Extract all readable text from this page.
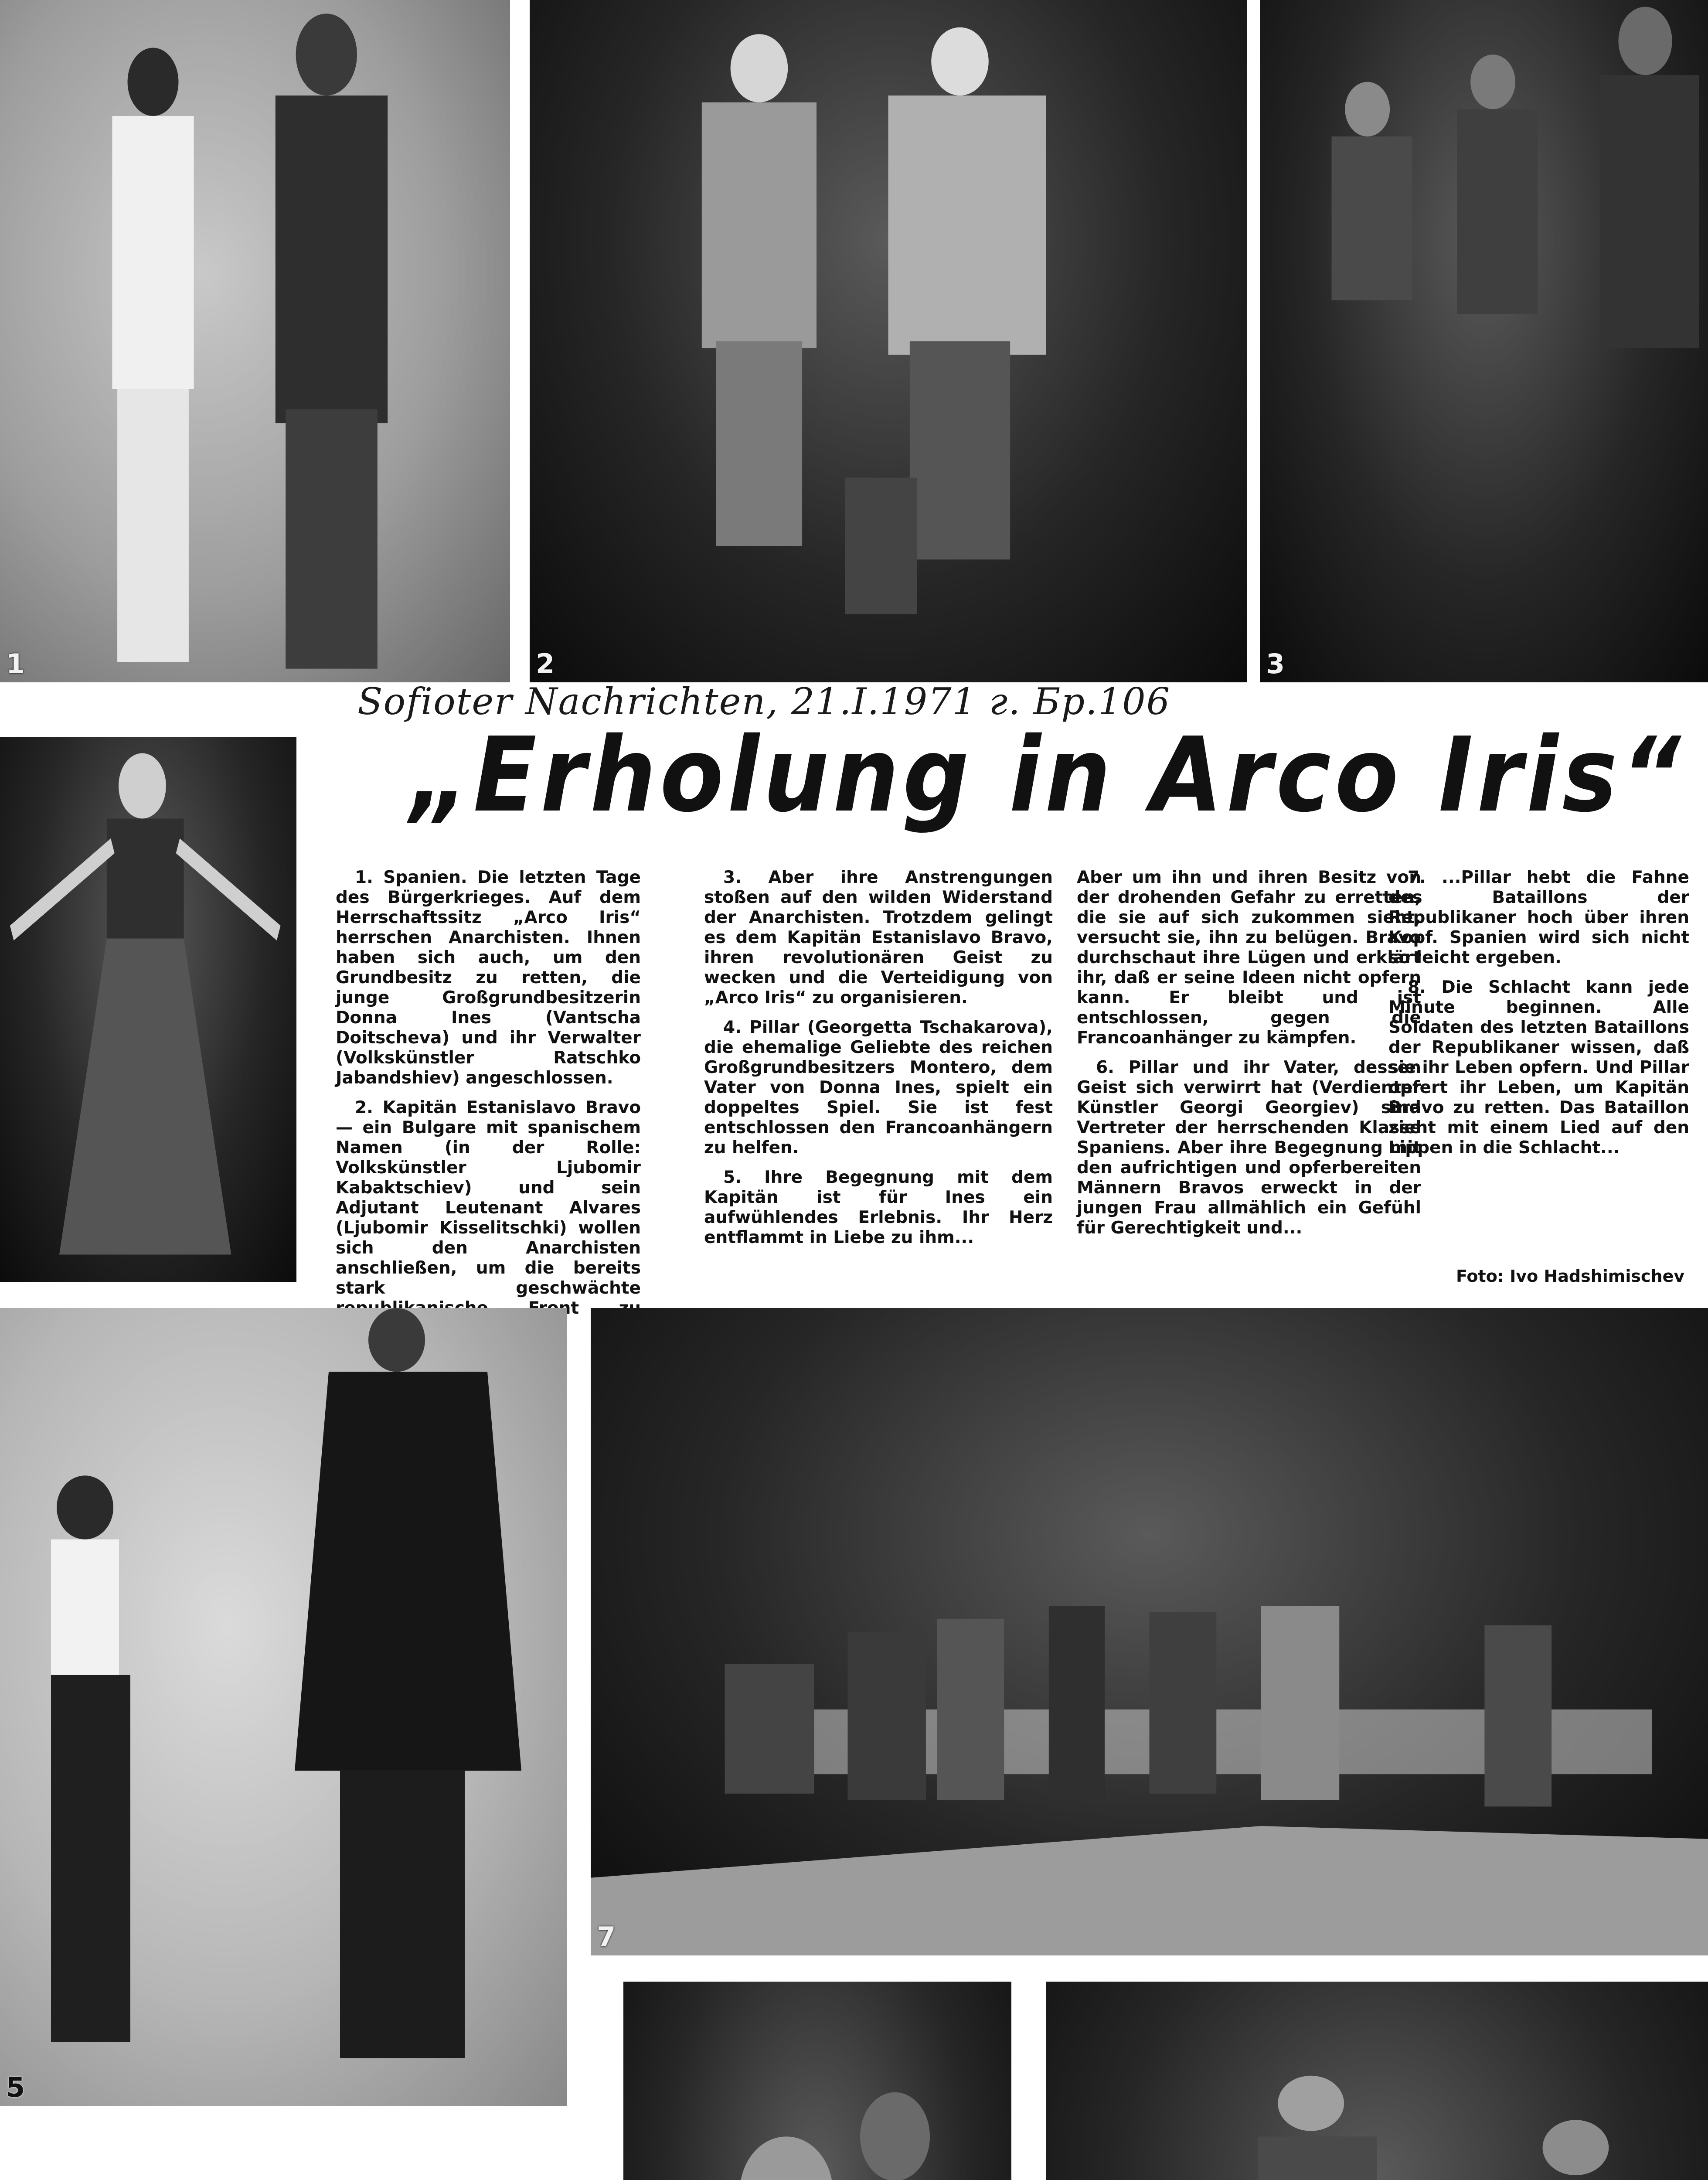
1	2	3
Sofioter Nachrichten, 21.I.1971 г. Бр.106
„Erholung in Arco Iris“

1. Spanien. Die letzten Tage des Bürgerkrieges. Auf dem Herrschaftssitz „Arco Iris“ herrschen Anarchisten. Ihnen haben sich auch, um den Grundbesitz zu retten, die junge Großgrundbesitzerin Donna Ines (Vantscha Doitscheva) und ihr Verwalter (Volkskünstler Ratschko Jabandshiev) angeschlossen.

2. Kapitän Estanislavo Bravo — ein Bulgare mit spanischem Namen (in der Rolle: Volkskünstler Ljubomir Kabaktschiev) und sein Adjutant Leutenant Alvares (Ljubomir Kisselitschki) wollen sich den Anarchisten anschließen, um die bereits stark geschwächte

3. Aber ihre Anstrengungen stoßen auf den wilden Widerstand der Anarchisten. Trotzdem gelingt es dem Kapitän Estanislavo Bravo, ihren revolutionären Geist zu wecken und die Verteidigung von „Arco Iris“ zu organisieren.

4. Pillar (Georgetta Tschakarova), die ehemalige Geliebte des reichen Großgrundbesitzers Montero, dem Vater von Donna Ines, spielt ein doppeltes Spiel. Sie ist fest entschlossen den Francoanhängern zu helfen.

5. Ihre Begegnung mit dem Kapitän ist für Ines ein aufwühlendes Erlebnis. Ihr Herz entflammt in Liebe zu ihm...

Aber um ihn und ihren Besitz von der drohenden Gefahr zu erretten, die sie auf sich zukommen sieht, versucht sie, ihn zu belügen. Bravo durchschaut ihre Lügen und erklärt ihr, daß er seine Ideen nicht opfern kann. Er bleibt und ist entschlossen, gegen die Francoanhänger zu kämpfen.

6. Pillar und ihr Vater, dessen Geist sich verwirrt hat (Verdienter Künstler Georgi Georgiev) sind Vertreter der herrschenden Klasse Spaniens. Aber ihre Begegnung mit den aufrichtigen und opferbereiten Männern Bravos erweckt in der jungen Frau allmählich ein Gefühl für Gerechtigkeit und...

7. ...Pillar hebt die Fahne des Bataillons der Republikaner hoch über ihren Kopf. Spanien wird sich nicht so leicht ergeben.

8. Die Schlacht kann jede Minute beginnen. Alle Soldaten des letzten Bataillons der Republikaner wissen, daß sie ihr Leben opfern. Und Pillar opfert ihr Leben, um Kapitän Bravo zu retten. Das Bataillon zieht mit einem Lied auf den Lippen in die Schlacht...

Foto: Ivo Hadshimischev
5
7
